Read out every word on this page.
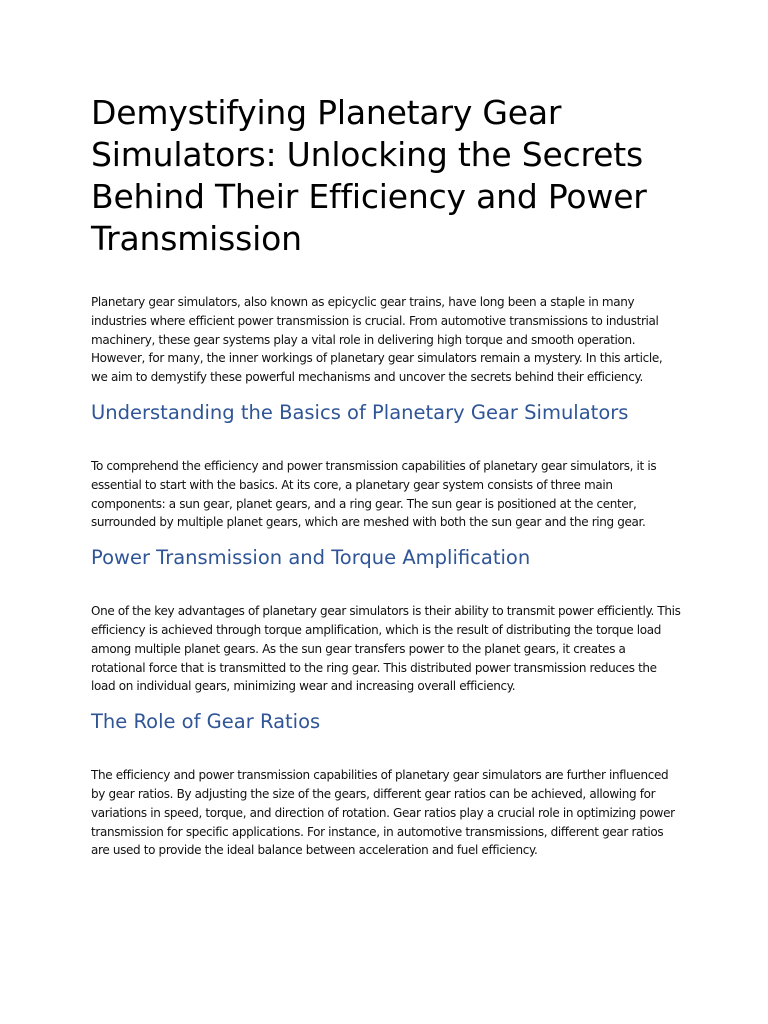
Demystifying Planetary Gear Simulators: Unlocking the Secrets Behind Their Efficiency and Power Transmission

Planetary gear simulators, also known as epicyclic gear trains, have long been a staple in many industries where efficient power transmission is crucial. From automotive transmissions to industrial machinery, these gear systems play a vital role in delivering high torque and smooth operation. However, for many, the inner workings of planetary gear simulators remain a mystery. In this article, we aim to demystify these powerful mechanisms and uncover the secrets behind their efficiency.

Understanding the Basics of Planetary Gear Simulators

To comprehend the efficiency and power transmission capabilities of planetary gear simulators, it is essential to start with the basics. At its core, a planetary gear system consists of three main components: a sun gear, planet gears, and a ring gear. The sun gear is positioned at the center, surrounded by multiple planet gears, which are meshed with both the sun gear and the ring gear.

Power Transmission and Torque Amplification

One of the key advantages of planetary gear simulators is their ability to transmit power efficiently. This efficiency is achieved through torque amplification, which is the result of distributing the torque load among multiple planet gears. As the sun gear transfers power to the planet gears, it creates a rotational force that is transmitted to the ring gear. This distributed power transmission reduces the load on individual gears, minimizing wear and increasing overall efficiency.

The Role of Gear Ratios

The efficiency and power transmission capabilities of planetary gear simulators are further influenced by gear ratios. By adjusting the size of the gears, different gear ratios can be achieved, allowing for variations in speed, torque, and direction of rotation. Gear ratios play a crucial role in optimizing power transmission for specific applications. For instance, in automotive transmissions, different gear ratios are used to provide the ideal balance between acceleration and fuel efficiency.
